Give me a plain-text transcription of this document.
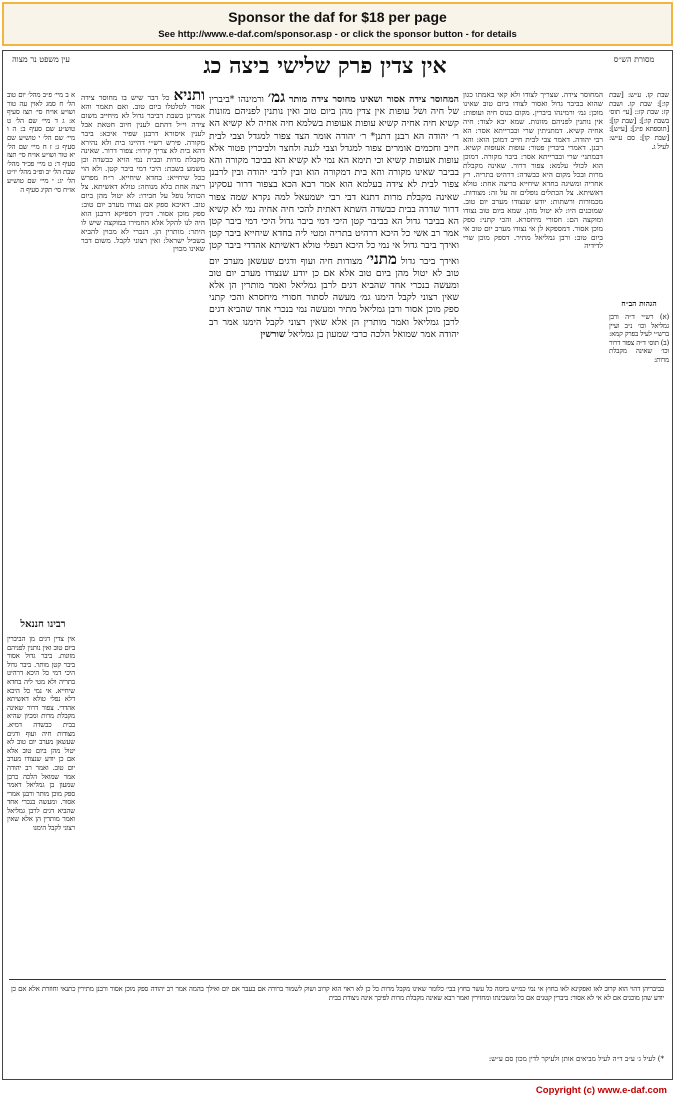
Sponsor the daf for $18 per page
See http://www.e-daf.com/sponsor.asp - or click the sponsor button - for details
עין משפט נר מצוה	אין צדין פרק שלישי ביצה כג	מסורת הש״ס
א ב מיי׳ פ״ב מהל׳ יום טוב הל׳ ח סמג לאוין עה טור ושו״ע או״ח סי׳ תצז סעיף א: ג ד מיי׳ שם הל׳ ט טוש״ע שם סעיף ב: ה ו מיי׳ שם הל׳ י טוש״ע שם סעיף ג: ז ח מיי׳ שם הל׳ יא טור ושו״ע או״ח סי׳ תצז סעיף ד: ט מיי׳ פכ״ד מהל׳ שבת הל׳ יב ופ״ב מהל׳ יו״ט הל׳ יג: י מיי׳ שם טוש״ע או״ח סי׳ תקיג סעיף ה
ותניא כל דבר שיש בו מחוסר צידה אסור לטלטלו ביום טוב. ואם תאמר והא אמרינן בשבת דביבר גדול לא מיחייב משום צידה וי״ל דהתם לענין חיוב חטאת אבל לענין איסורא דרבנן שפיר איכא: ביבר מקורה. פירש רש״י דהיינו בית ולא נהירא דהא בית לא צריך קירוי: צפור דרור. שאינה מקבלת מרות ובבית נמי הויא כבשדה וכן משמע בשבת: היכי דמי ביבר קטן. ולא הוי ככל שיחייא: בחדא שיחייא. ר״ח מפרש ריצה אחת בלא מנוחה: טולא דאשיתא. צל הכותל נופל על חבירו: לא יטול מהן ביום טוב. דאיכא ספק אם נצודו מערב יום טוב: ספק מוכן אסור. דכיון דספיקא דרבנן הוא היה לנו להקל אלא החמירו במוקצה שיש לו היתר: מותרין הן. דנכרי לא מכוין להביא בשביל ישראל: ואין רצוני לקבל. משום דבר שאינו מכוין
רבינו חננאל
אין צדין דגים מן הביברין ביום טוב ואין נותנין לפניהם מזונות. ביבר גדול אסור ביבר קטן מותר. ביבר גדול היכי דמי כל היכא דרהיט בתריה ולא מטי ליה בחדא שיחייא. אי נמי כל היכא דלא נפלי טולא דאשיתא אהדדי. צפור דרור שאינה מקבלת מרות ומכיון שהיא בבית כבשדה דמיא. מצודות חיה ועוף ודגים שעשאן מערב יום טוב לא יטול מהן ביום טוב אלא אם כן יודע שנצודו מערב יום טוב. ואמר רב יהודה אמר שמואל הלכה כרבן שמעון בן גמליאל דאמר ספק מוכן מותר ורבנן אמרי אסור. ומעשה בנכרי אחד שהביא דגים לרבן גמליאל ואמר מותרין הן אלא שאין רצוני לקבל הימנו
המחוסר צידה אסור ושאינו מחוסר צידה מותר גמ׳ ורמינהו *ביברין של חיה ושל עופות אין צדין מהן ביום טוב ואין נותנין לפניהם מזונות קשיא חיה אחיה קשיא עופות אעופות בשלמא חיה אחיה לא קשיא הא ר׳ יהודה הא רבנן דתנן* ר׳ יהודה אומר הצד צפור למגדל וצבי לבית חייב וחכמים אומרים צפור למגדל וצבי לגנה ולחצר ולביברין פטור אלא עופות אעופות קשיא וכי תימא הא נמי לא קשיא הא בביבר מקורה והא בביבר שאינו מקורה והא בית דמקורה הוא ובין לרבי יהודה ובין לרבנן צפור לבית לא צידה בעלמא הוא אמר רבא הכא בצפור דרור עסקינן שאינה מקבלת מרות דתנא דבי רבי ישמעאל למה נקרא שמה צפור דרור שדרה בבית כבשדה השתא דאתית להכי חיה אחיה נמי לא קשיא הא בביבר גדול הא בביבר קטן היכי דמי ביבר גדול היכי דמי ביבר קטן אמר רב אשי כל היכא דרהיט בתריה ומטי ליה בחדא שיחייא ביבר קטן ואידך ביבר גדול אי נמי כל היכא דנפלי טולא דאשיתא אהדדי ביבר קטן ואידך ביבר גדול מתני׳ מצודות חיה ועוף ודגים שעשאן מערב יום טוב לא יטול מהן ביום טוב אלא אם כן יודע שנצודו מערב יום טוב ומעשה בנכרי אחד שהביא דגים לרבן גמליאל ואמר מותרין הן אלא שאין רצוני לקבל הימנו גמ׳ מעשה לסתור חסורי מיחסרא והכי קתני ספק מוכן אסור ורבן גמליאל מתיר ומעשה נמי בנכרי אחד שהביא דגים לרבן גמליאל ואמר מותרין הן אלא שאין רצוני לקבל הימנו אמר רב יהודה אמר שמואל הלכה כרבי שמעון בן גמליאל שורשין
המחוסר צידה. שצריך לצודו ולא קאי באמתו כגון שהוא בביבר גדול ואסור לצודו ביום טוב שאינו מוכן: גמ׳ ורמינהו ביברין. מקום כנוס חיה ועופות: אין נותנין לפניהם מזונות. שמא יבא לצוד: חיה אחיה קשיא. דמתניתין שרי ובברייתא אסר: הא רבי יהודה. דאמר צבי לבית חייב דמוכן הוא: והא רבנן. דאמרי ביברין פטור: עופות אעופות קשיא. דבמתני׳ שרי ובברייתא אסר: ביבר מקורה. דמוכן הוא לכולי עלמא: צפור דרור. שאינה מקבלת מרות ובכל מקום היא כבשדה: דרהיט בתריה. רץ אחריה ומשיגה בחדא שיחייא בריצה אחת: טולא דאשיתא. צל הכתלים נופלים זה על זה: מצודות. מכמורות ורשתות: יודע שנצודו מערב יום טוב. שמוכנים היו: לא יטול מהן. שמא ביום טוב נצודו ומוקצה הם: חסורי מיחסרא. והכי קתני: ספק מוכן אסור. דמספקא לן אי נצודו מערב יום טוב אי ביום טוב: ורבן גמליאל מתיר. דספק מוכן שרי לדידיה
שבת קז. ע״ש: [שבת קו:]: שבת קו. ושבת קז: שבת קז:: [עי׳ תוס׳ בשבת קו:]: [שבת קו]: [תוספתא פ״ג]: [ע״ש]: [שבת קו]: סם ע״ש: לעיל ג.
הגהות הב״ח
(א) רש״י ד״ה ורבן גמליאל וכו׳ נ״ב ועיין ברש״י לעיל בפרק קמא: (ב) תוס׳ ד״ה צפור דרור וכו׳ שאינה מקבלת מרות:
כביבריהן דהוי הוא קרוב לאו ואפקינא לאו בחוץ אי נמי כמ״ש ביומה כל עשר בחוץ בבי׳ כלומר שאינו מקבל מרות כל כן לא ראוי הוא קרוב ושוק לשמור ברורה אם בעבר אם יום ואילך בהמה אמר רב יהודה ספק מוכן אסור ורבנן מתירין כתנאי וחוזרת אלא אם כן יודע שהן מוכנים אם לא אי לא אסור: ביברין קטנים אם כל ומשכינתו ומחזירין ואמר רבא שאינה מקבלת מרות לפיכך אינה ניצודת בבית
*) לעיל ג׳ ע״ב ד״ה לעיל מביאים אותן ולעיקר לדין מכון סם ע״ש:
Copyright (c) www.e-daf.com
